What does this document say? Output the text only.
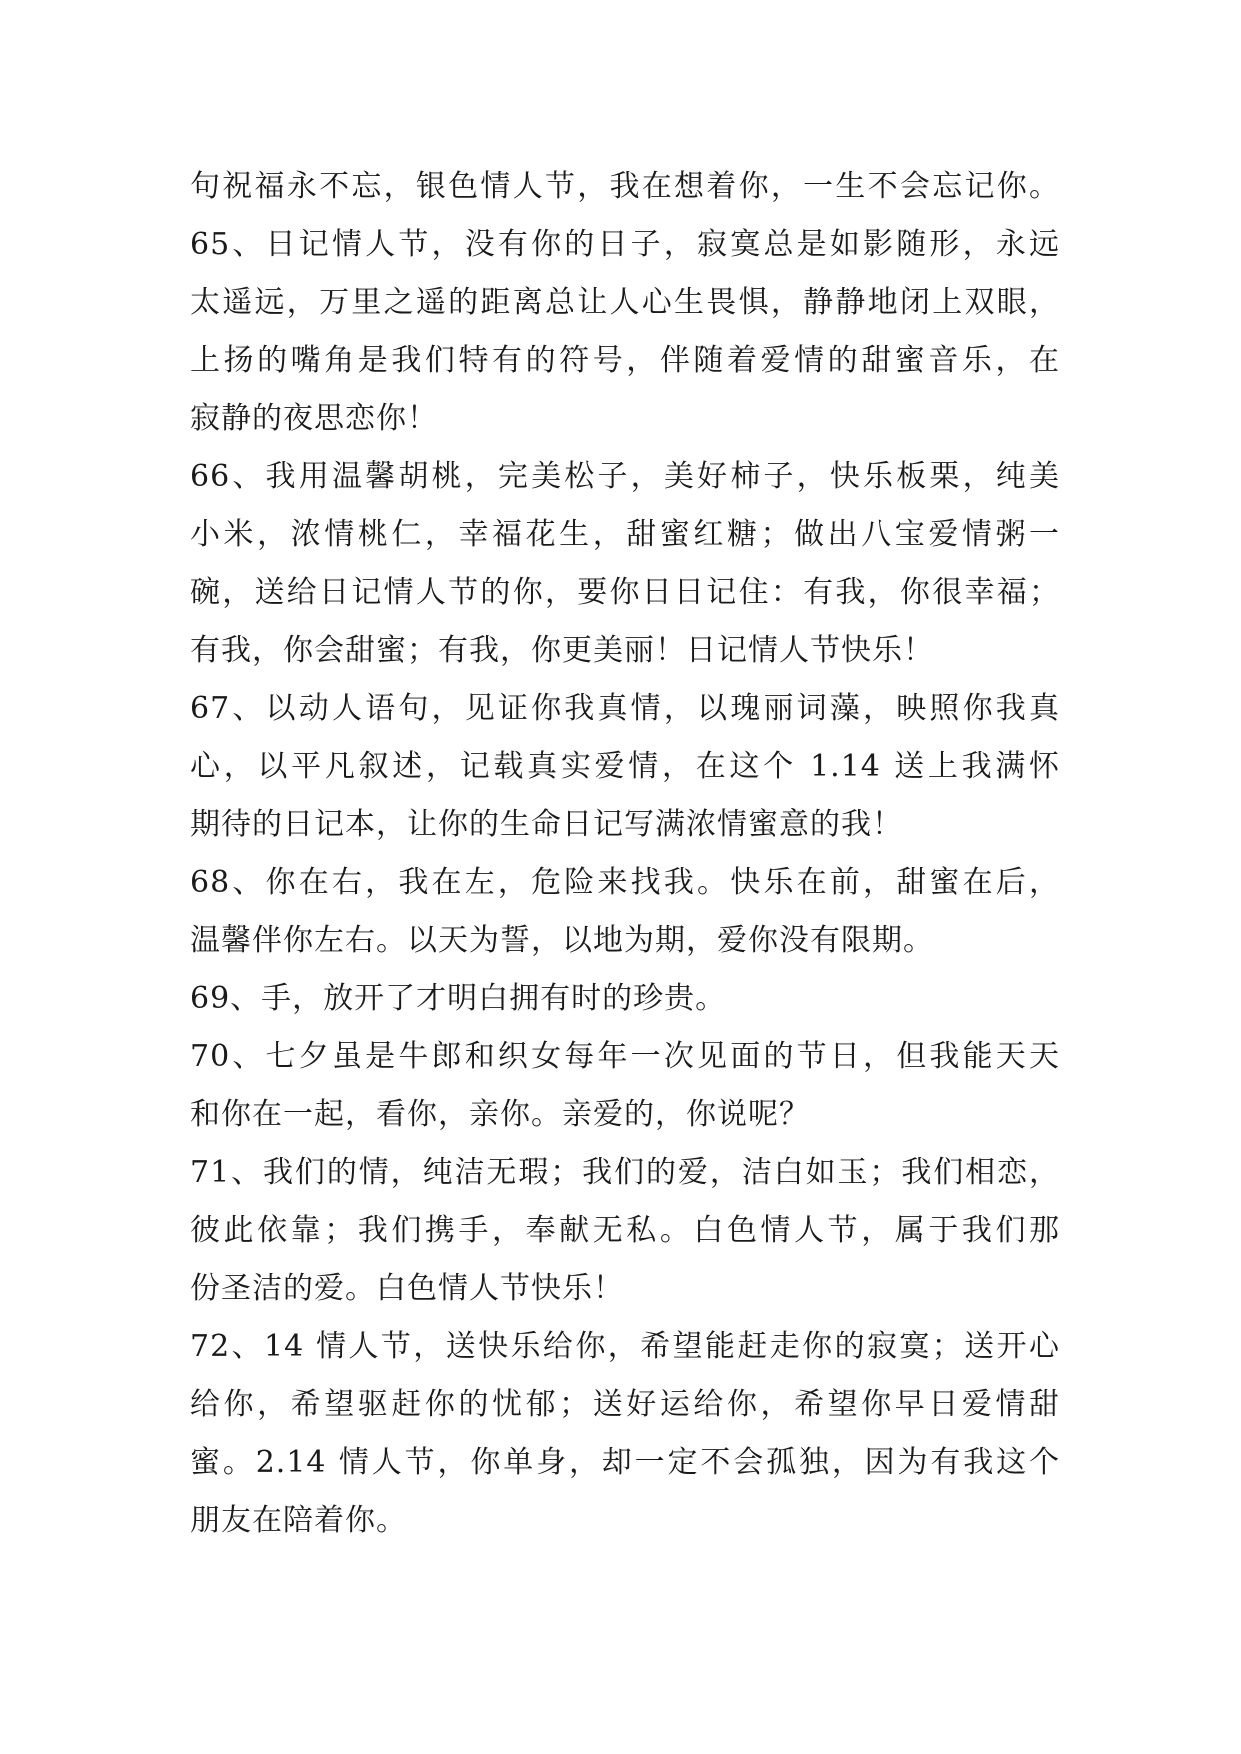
句祝福永不忘，银色情人节，我在想着你，一生不会忘记你。
65、日记情人节，没有你的日子，寂寞总是如影随形，永远
太遥远，万里之遥的距离总让人心生畏惧，静静地闭上双眼，
上扬的嘴角是我们特有的符号，伴随着爱情的甜蜜音乐，在
寂静的夜思恋你！
66、我用温馨胡桃，完美松子，美好柿子，快乐板栗，纯美
小米，浓情桃仁，幸福花生，甜蜜红糖；做出八宝爱情粥一
碗，送给日记情人节的你，要你日日记住：有我，你很幸福；
有我，你会甜蜜；有我，你更美丽！日记情人节快乐！
67、以动人语句，见证你我真情，以瑰丽词藻，映照你我真
心，以平凡叙述，记载真实爱情，在这个 1.14 送上我满怀
期待的日记本，让你的生命日记写满浓情蜜意的我！
68、你在右，我在左，危险来找我。快乐在前，甜蜜在后，
温馨伴你左右。以天为誓，以地为期，爱你没有限期。
69、手，放开了才明白拥有时的珍贵。
70、七夕虽是牛郎和织女每年一次见面的节日，但我能天天
和你在一起，看你，亲你。亲爱的，你说呢？
71、我们的情，纯洁无瑕；我们的爱，洁白如玉；我们相恋，
彼此依靠；我们携手，奉献无私。白色情人节，属于我们那
份圣洁的爱。白色情人节快乐！
72、14 情人节，送快乐给你，希望能赶走你的寂寞；送开心
给你，希望驱赶你的忧郁；送好运给你，希望你早日爱情甜
蜜。2.14 情人节，你单身，却一定不会孤独，因为有我这个
朋友在陪着你。
